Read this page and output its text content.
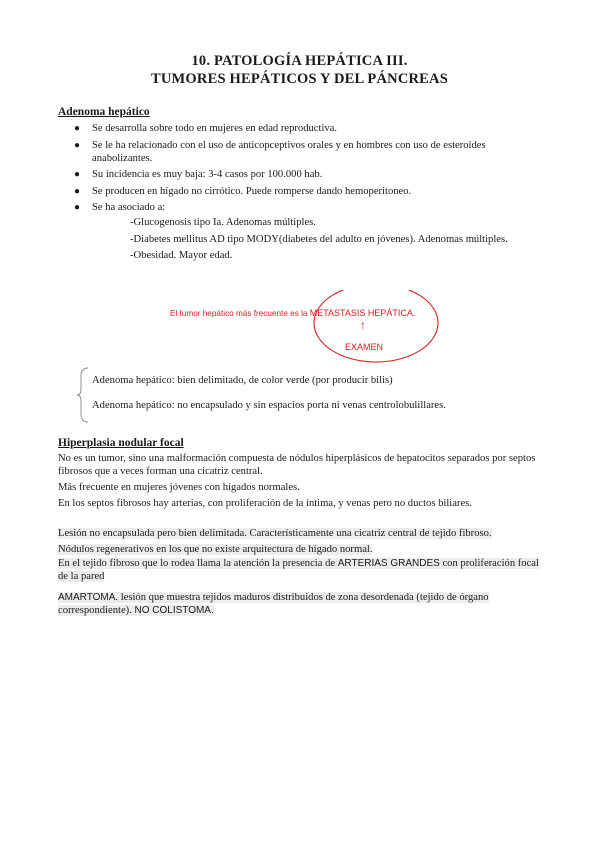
10. PATOLOGÍA HEPÁTICA III.
TUMORES HEPÁTICOS Y DEL PÁNCREAS
Adenoma hepático
● Se desarrolla sobre todo en mujeres en edad reproductiva.
● Se le ha relacionado con el uso de anticopceptivos orales y en hombres con uso de esteroides anabolizantes.
● Su incidencia es muy baja: 3-4 casos por 100.000 hab.
● Se producen en hígado no cirrótico. Puede romperse dando hemoperitoneo.
● Se ha asociado a:
-Glucogenosis tipo Ia. Adenomas múltiples.
-Diabetes mellitus AD tipo MODY(diabetes del adulto en jóvenes). Adenomas múltiples.
-Obesidad. Mayor edad.
El tumor hepático más frecuente es la METASTASIS HEPÁTICA.
↑
EXAMEN
Adenoma hepático: bien delimitado, de color verde (por producir bilis)
Adenoma hepático: no encapsulado y sin espacios porta ni venas centrolobulillares.
Hiperplasia nodular focal
No es un tumor, sino una malformación compuesta de nódulos hiperplásicos de hepatocitos separados por septos fibrosos que a veces forman una cicatriz central.
Más frecuente en mujeres jóvenes con hígados normales.
En los septos fibrosos hay arterias, con proliferación de la íntima, y venas pero no ductos biliares.
Lesión no encapsulada pero bien delimitada. Característicamente una cicatriz central de tejido fibroso.
Nódulos regenerativos en los que no existe arquitectura de hígado normal.
En el tejido fibroso que lo rodea llama la atención la presencia de ARTERIAS GRANDES con proliferación focal de la pared
AMARTOMA. lesión que muestra tejidos maduros distribuidos de zona desordenada (tejido de órgano correspondiente). NO COLISTOMA.
